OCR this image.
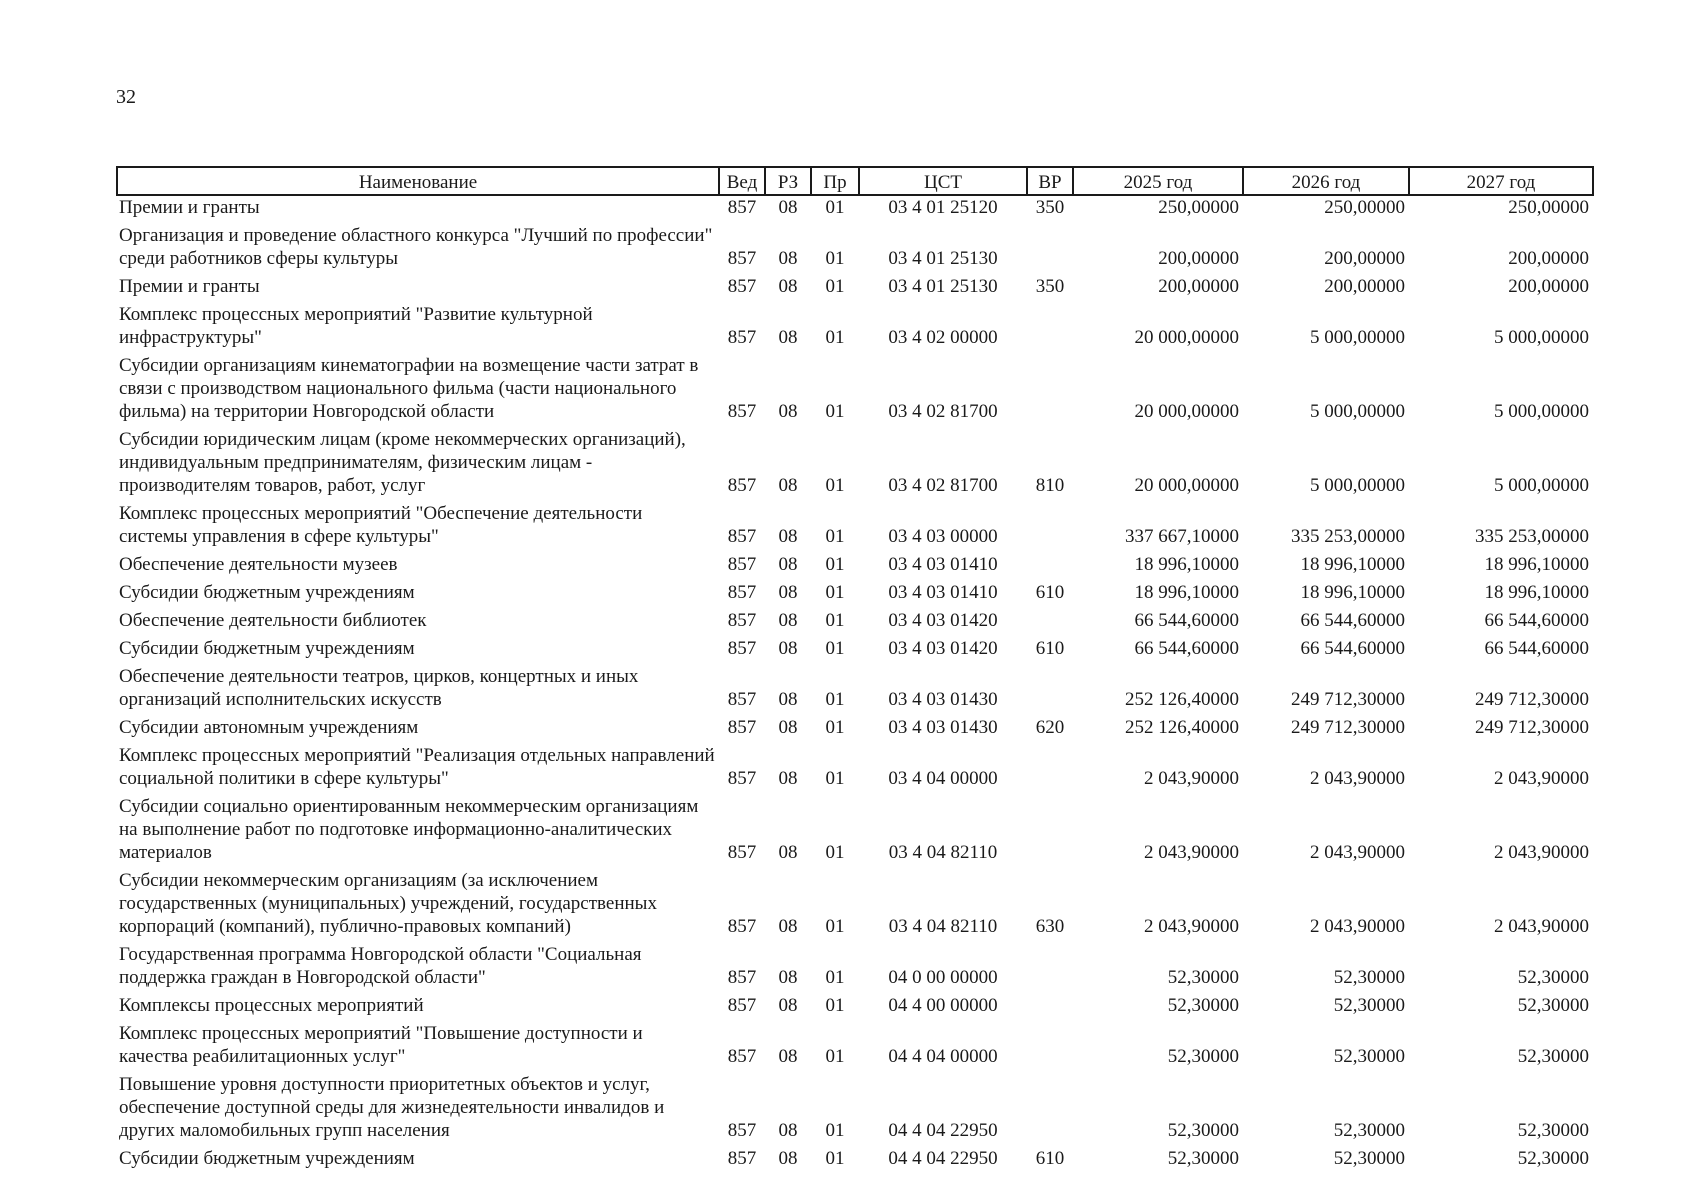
32
Наименование	Вед	РЗ	Пр	ЦСТ	ВР	2025 год	2026 год	2027 год
Премии и гранты	857	08	01	03 4 01 25120	350	250,00000	250,00000	250,00000
Организация и проведение областного конкурса "Лучший по профессии" среди работников сферы культуры	857	08	01	03 4 01 25130		200,00000	200,00000	200,00000
Премии и гранты	857	08	01	03 4 01 25130	350	200,00000	200,00000	200,00000
Комплекс процессных мероприятий "Развитие культурной инфраструктуры"	857	08	01	03 4 02 00000		20 000,00000	5 000,00000	5 000,00000
Субсидии организациям кинематографии на возмещение части затрат в связи с производством национального фильма (части национального фильма) на территории Новгородской области	857	08	01	03 4 02 81700		20 000,00000	5 000,00000	5 000,00000
Субсидии юридическим лицам (кроме некоммерческих организаций), индивидуальным предпринимателям, физическим лицам - производителям товаров, работ, услуг	857	08	01	03 4 02 81700	810	20 000,00000	5 000,00000	5 000,00000
Комплекс процессных мероприятий "Обеспечение деятельности системы управления в сфере культуры"	857	08	01	03 4 03 00000		337 667,10000	335 253,00000	335 253,00000
Обеспечение деятельности музеев	857	08	01	03 4 03 01410		18 996,10000	18 996,10000	18 996,10000
Субсидии бюджетным учреждениям	857	08	01	03 4 03 01410	610	18 996,10000	18 996,10000	18 996,10000
Обеспечение деятельности библиотек	857	08	01	03 4 03 01420		66 544,60000	66 544,60000	66 544,60000
Субсидии бюджетным учреждениям	857	08	01	03 4 03 01420	610	66 544,60000	66 544,60000	66 544,60000
Обеспечение деятельности театров, цирков, концертных и иных организаций исполнительских искусств	857	08	01	03 4 03 01430		252 126,40000	249 712,30000	249 712,30000
Субсидии автономным учреждениям	857	08	01	03 4 03 01430	620	252 126,40000	249 712,30000	249 712,30000
Комплекс процессных мероприятий "Реализация отдельных направлений социальной политики в сфере культуры"	857	08	01	03 4 04 00000		2 043,90000	2 043,90000	2 043,90000
Субсидии социально ориентированным некоммерческим организациям на выполнение работ по подготовке информационно-аналитических материалов	857	08	01	03 4 04 82110		2 043,90000	2 043,90000	2 043,90000
Субсидии некоммерческим организациям (за исключением государственных (муниципальных) учреждений, государственных корпораций (компаний), публично-правовых компаний)	857	08	01	03 4 04 82110	630	2 043,90000	2 043,90000	2 043,90000
Государственная программа Новгородской области "Социальная поддержка граждан в Новгородской области"	857	08	01	04 0 00 00000		52,30000	52,30000	52,30000
Комплексы процессных мероприятий	857	08	01	04 4 00 00000		52,30000	52,30000	52,30000
Комплекс процессных мероприятий "Повышение доступности и качества реабилитационных услуг"	857	08	01	04 4 04 00000		52,30000	52,30000	52,30000
Повышение уровня доступности приоритетных объектов и услуг, обеспечение доступной среды для жизнедеятельности инвалидов и других маломобильных групп населения	857	08	01	04 4 04 22950		52,30000	52,30000	52,30000
Субсидии бюджетным учреждениям	857	08	01	04 4 04 22950	610	52,30000	52,30000	52,30000
